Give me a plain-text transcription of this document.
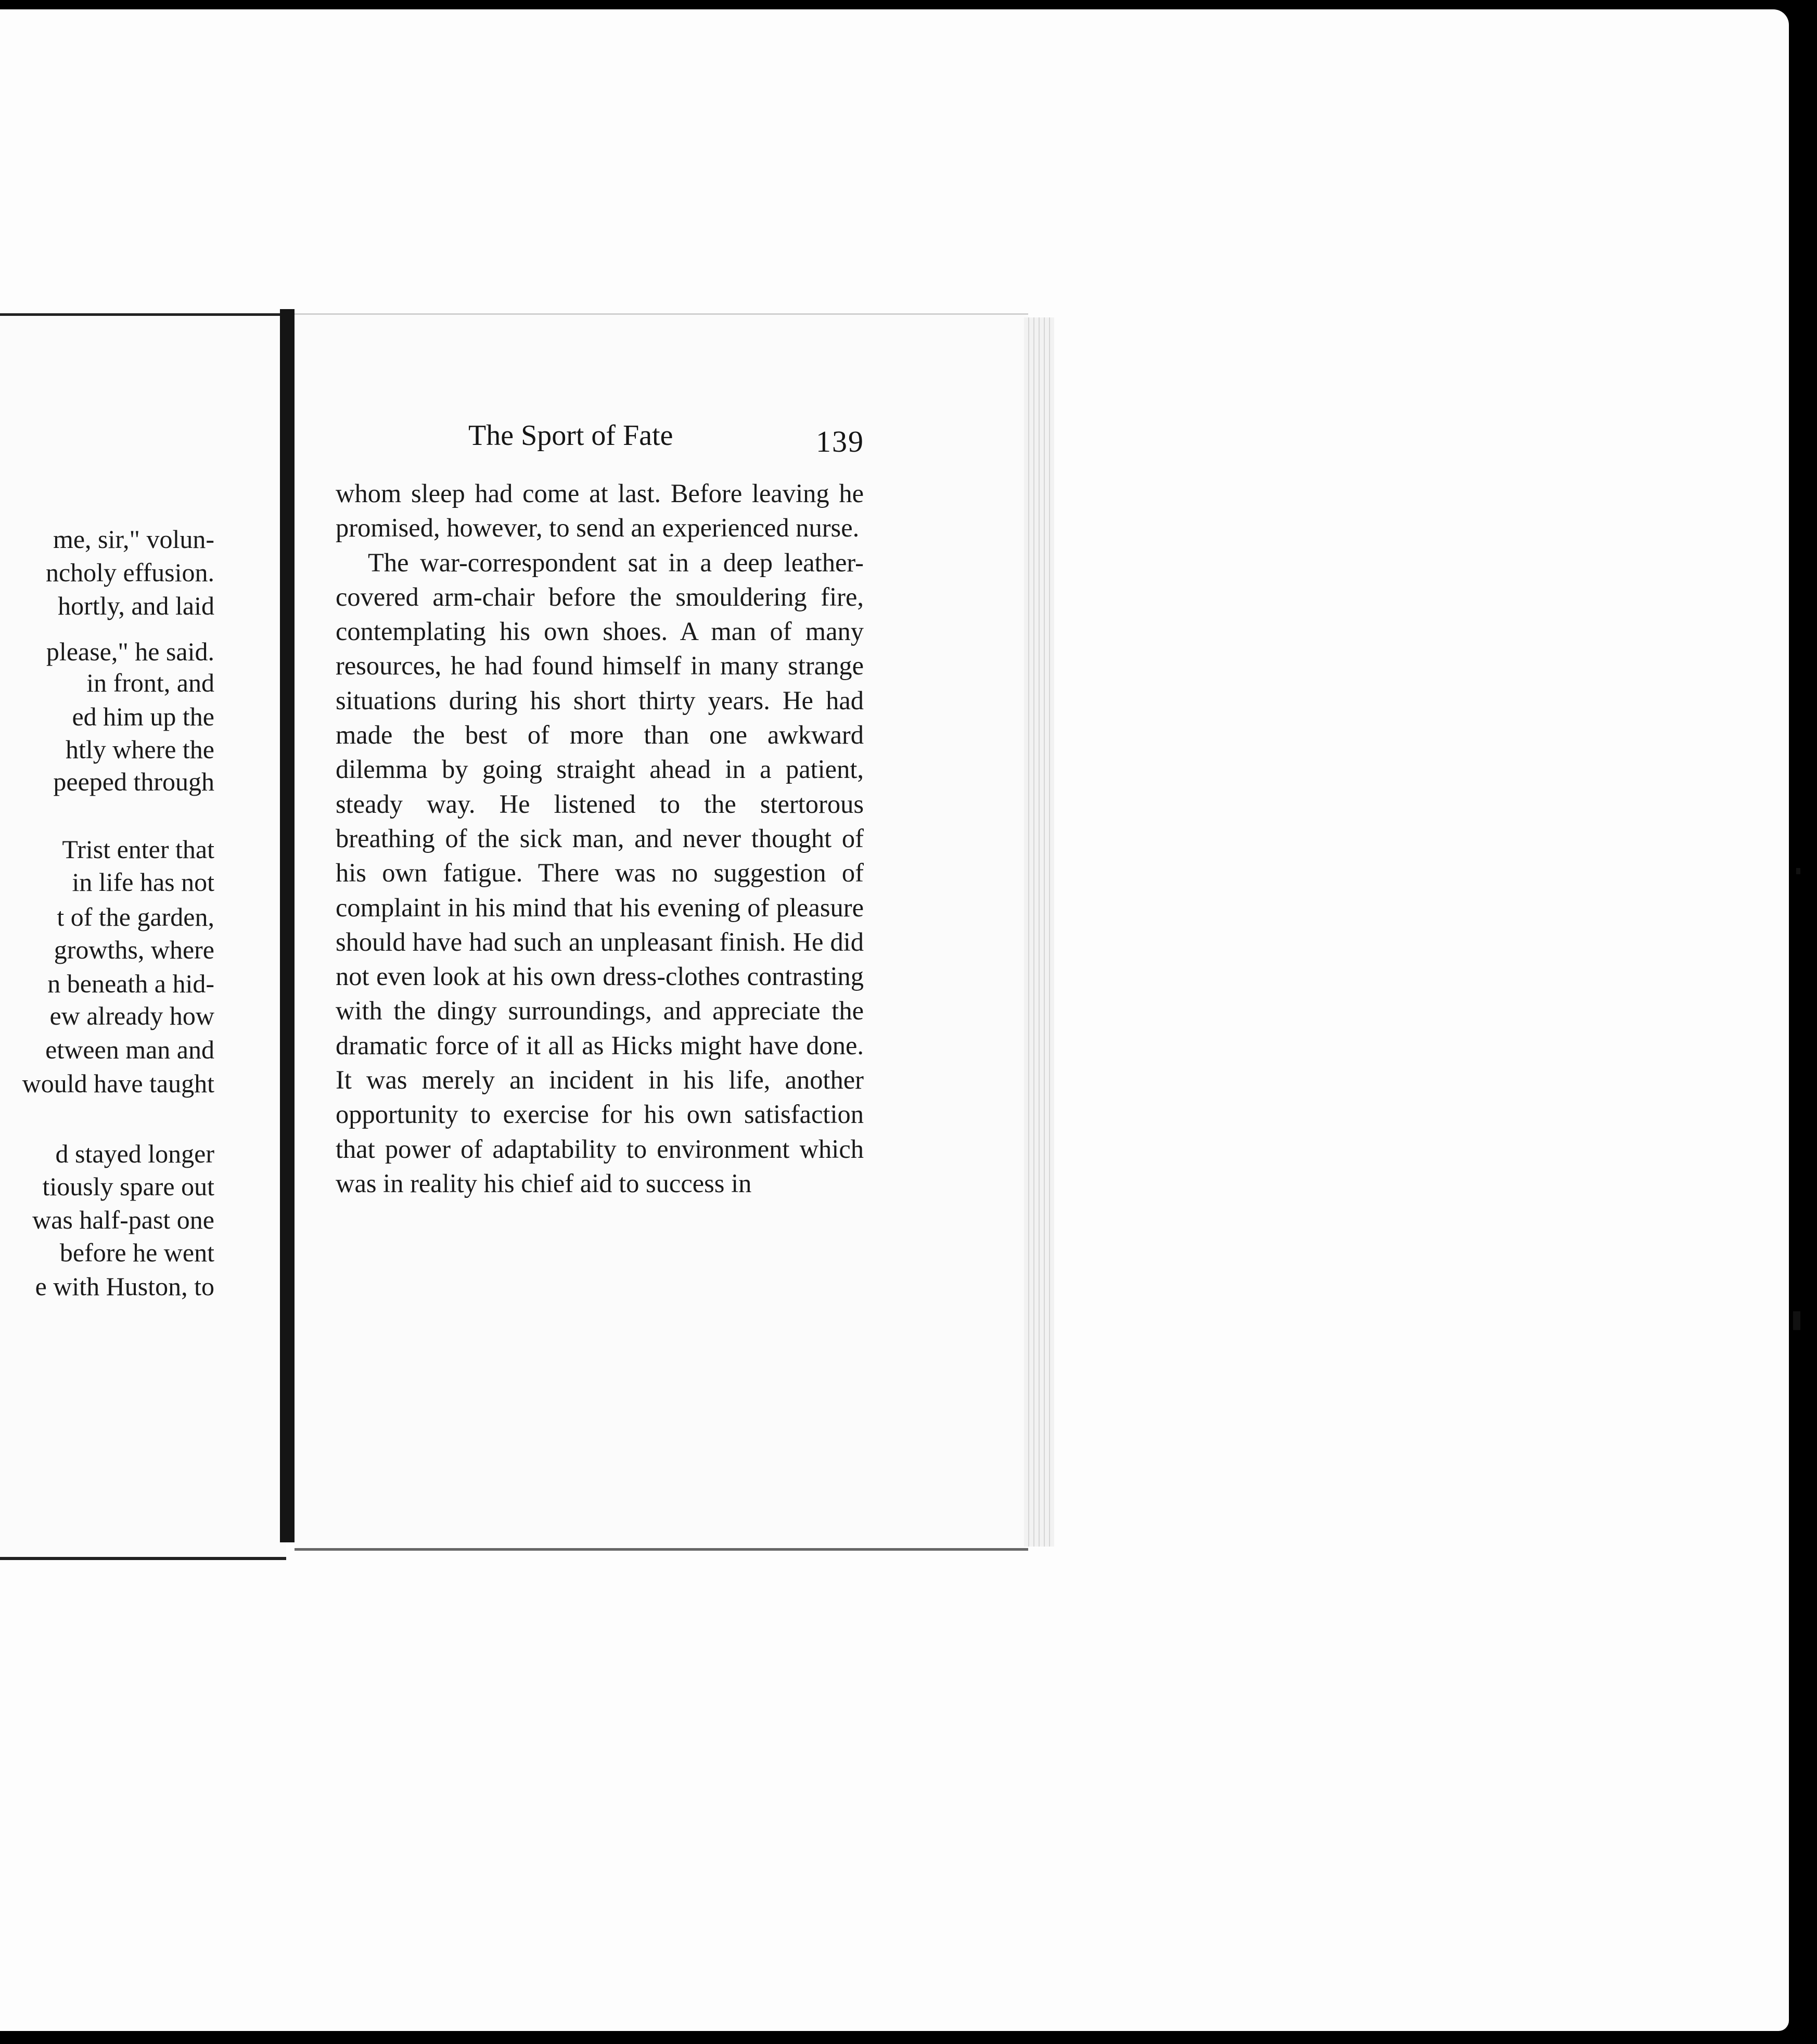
me, sir," volun-
ncholy effusion.
hortly, and laid
please," he said.
in front, and
ed him up the
htly where the
peeped through
Trist enter that
in life has not
t of the garden,
growths, where
n beneath a hid-
ew already how
etween man and
would have taught
d stayed longer
tiously spare out
was half-past one
before he went
e with Huston, to
The Sport of Fate	139

whom sleep had come at last. Before leaving he promised, however, to send an experienced nurse.

The war-correspondent sat in a deep leather-covered arm-chair before the smouldering fire, contemplating his own shoes. A man of many resources, he had found himself in many strange situations during his short thirty years. He had made the best of more than one awkward dilemma by going straight ahead in a patient, steady way. He listened to the stertorous breathing of the sick man, and never thought of his own fatigue. There was no suggestion of complaint in his mind that his evening of pleasure should have had such an unpleasant finish. He did not even look at his own dress-clothes contrasting with the dingy surroundings, and appreciate the dramatic force of it all as Hicks might have done. It was merely an incident in his life, another opportunity to exercise for his own satisfaction that power of adaptability to environment which was in reality his chief aid to success in
